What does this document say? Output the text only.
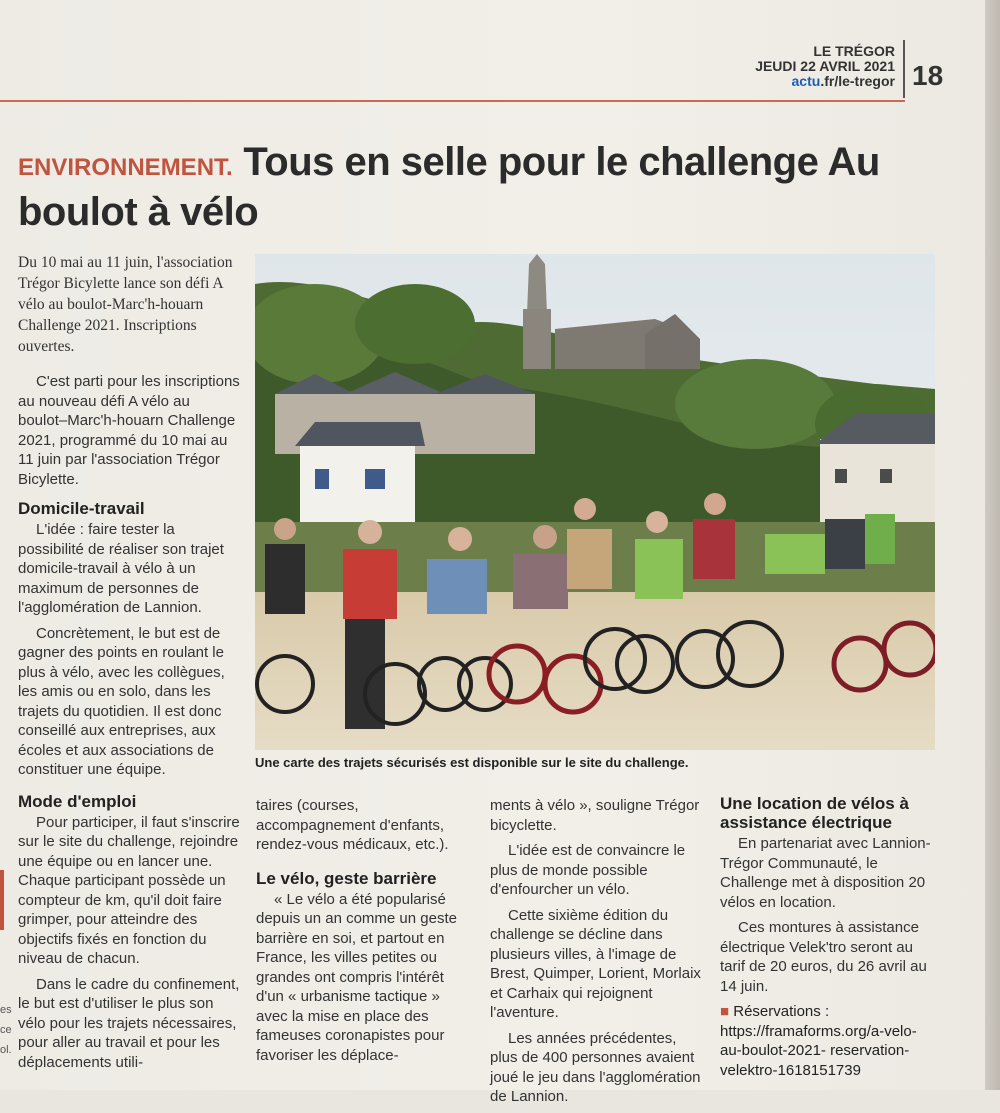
LE TRÉGOR
JEUDI 22 AVRIL 2021
actu.fr/le-tregor 18
ENVIRONNEMENT. Tous en selle pour le challenge Au boulot à vélo
Du 10 mai au 11 juin, l'association Trégor Bicylette lance son défi A vélo au boulot-Marc'h-houarn Challenge 2021. Inscriptions ouvertes.

C'est parti pour les inscriptions au nouveau défi A vélo au boulot–Marc'h-houarn Challenge 2021, programmé du 10 mai au 11 juin par l'association Trégor Bicylette.

Domicile-travail

L'idée : faire tester la possibilité de réaliser son trajet domicile-travail à vélo à un maximum de personnes de l'agglomération de Lannion.

Concrètement, le but est de gagner des points en roulant le plus à vélo, avec les collègues, les amis ou en solo, dans les trajets du quotidien. Il est donc conseillé aux entreprises, aux écoles et aux associations de constituer une équipe.

Mode d'emploi

Pour participer, il faut s'inscrire sur le site du challenge, rejoindre une équipe ou en lancer une. Chaque participant possède un compteur de km, qu'il doit faire grimper, pour atteindre des objectifs fixés en fonction du niveau de chacun.

Dans le cadre du confinement, le but est d'utiliser le plus son vélo pour les trajets nécessaires, pour aller au travail et pour les déplacements utili-

Une carte des trajets sécurisés est disponible sur le site du challenge.

taires (courses, accompagnement d'enfants, rendez-vous médicaux, etc.).

Le vélo, geste barrière

« Le vélo a été popularisé depuis un an comme un geste barrière en soi, et partout en France, les villes petites ou grandes ont compris l'intérêt d'un « urbanisme tactique » avec la mise en place des fameuses coronapistes pour favoriser les déplace-

ments à vélo », souligne Trégor bicyclette.

L'idée est de convaincre le plus de monde possible d'enfourcher un vélo.

Cette sixième édition du challenge se décline dans plusieurs villes, à l'image de Brest, Quimper, Lorient, Morlaix et Carhaix qui rejoignent l'aventure.

Les années précédentes, plus de 400 personnes avaient joué le jeu dans l'agglomération de Lannion.

Une location de vélos à assistance électrique

En partenariat avec Lannion-Trégor Communauté, le Challenge met à disposition 20 vélos en location.

Ces montures à assistance électrique Velek'tro seront au tarif de 20 euros, du 26 avril au 14 juin.

■ Réservations : https://framaforms.org/a-velo-au-boulot-2021- reservation-velektro-1618151739

es
ce
ol.
